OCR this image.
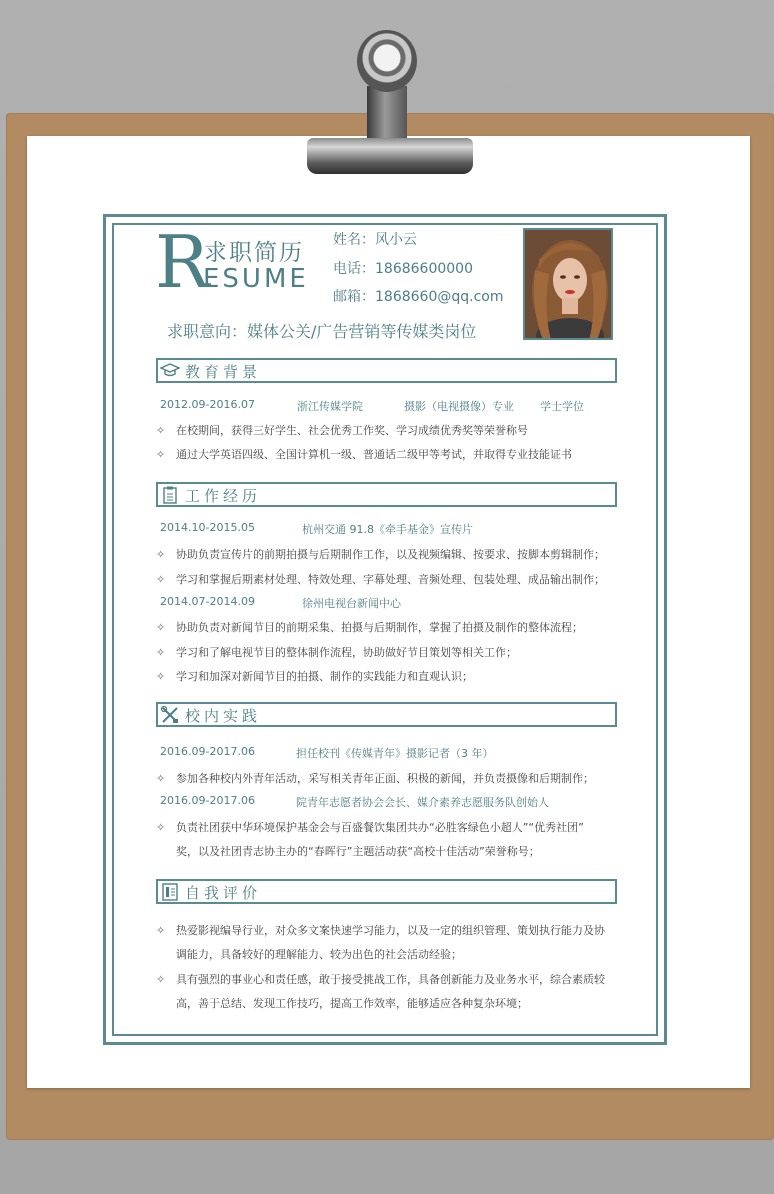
R
求职简历
ESUME
姓名：风小云
电话：18686600000
邮箱：1868660@qq.com
求职意向：媒体公关/广告营销等传媒类岗位
教育背景
2012.09-2016.07	浙江传媒学院	摄影（电视摄像）专业 学士学位
✧ 在校期间，获得三好学生、社会优秀工作奖、学习成绩优秀奖等荣誉称号
✧ 通过大学英语四级、全国计算机一级、普通话二级甲等考试，并取得专业技能证书
工作经历
2014.10-2015.05	杭州交通 91.8《牵手基金》宣传片
✧ 协助负责宣传片的前期拍摄与后期制作工作，以及视频编辑、按要求、按脚本剪辑制作；
✧ 学习和掌握后期素材处理、特效处理、字幕处理、音频处理、包装处理、成品输出制作；
2014.07-2014.09	徐州电视台新闻中心
✧ 协助负责对新闻节目的前期采集、拍摄与后期制作，掌握了拍摄及制作的整体流程；
✧ 学习和了解电视节目的整体制作流程，协助做好节目策划等相关工作；
✧ 学习和加深对新闻节目的拍摄、制作的实践能力和直观认识；
校内实践
2016.09-2017.06	担任校刊《传媒青年》摄影记者（3 年）
✧ 参加各种校内外青年活动，采写相关青年正面、积极的新闻，并负责摄像和后期制作；
2016.09-2017.06	院青年志愿者协会会长、媒介素养志愿服务队创始人
✧ 负责社团获中华环境保护基金会与百盛餐饮集团共办“必胜客绿色小超人”“优秀社团”
奖，以及社团青志协主办的“春晖行”主题活动获“高校十佳活动”荣誉称号；
自我评价
✧ 热爱影视编导行业，对众多文案快速学习能力，以及一定的组织管理、策划执行能力及协
调能力，具备较好的理解能力、较为出色的社会活动经验；
✧ 具有强烈的事业心和责任感，敢于接受挑战工作，具备创新能力及业务水平，综合素质较
高，善于总结、发现工作技巧，提高工作效率，能够适应各种复杂环境；
